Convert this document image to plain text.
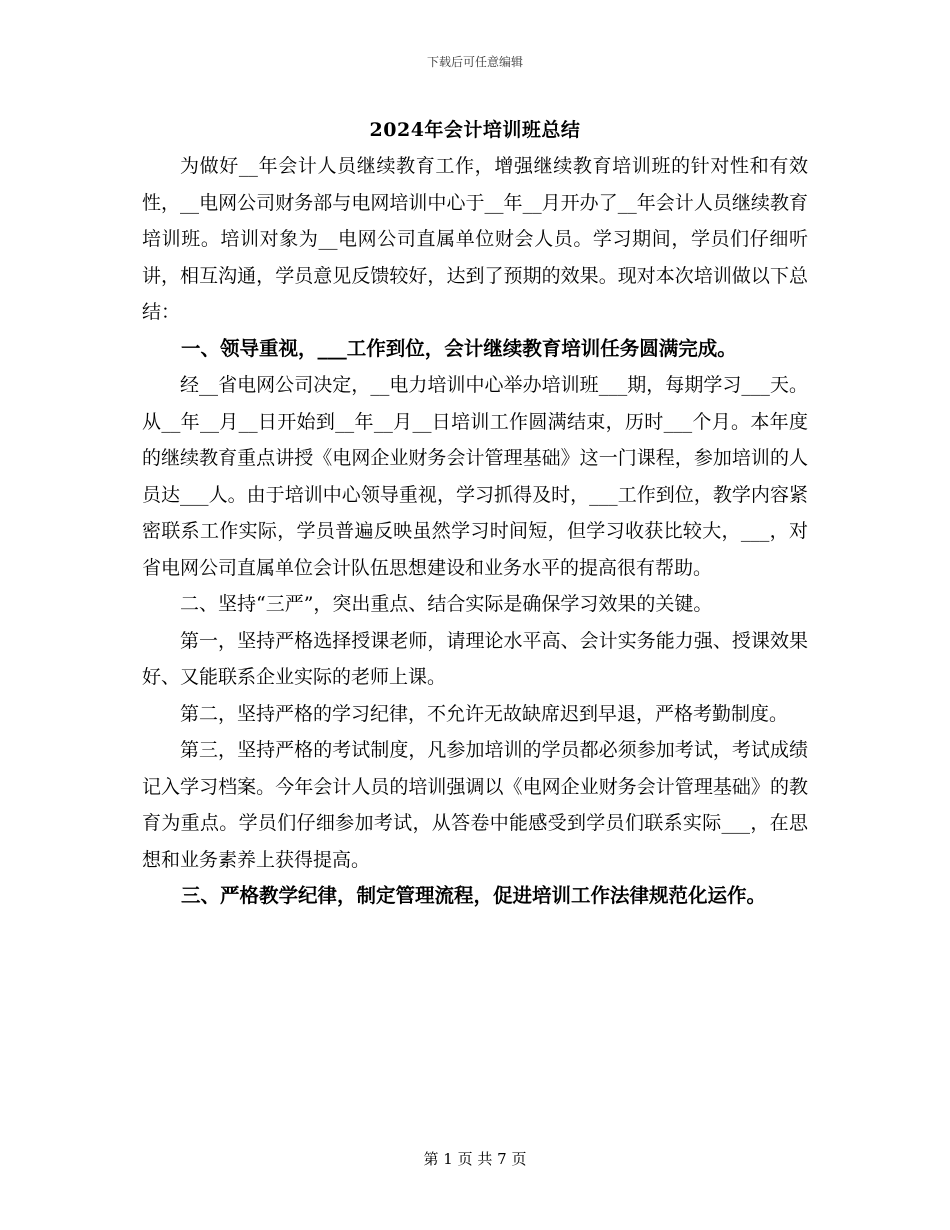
下载后可任意编辑
2024年会计培训班总结

为做好__年会计人员继续教育工作，增强继续教育培训班的针对性和有效性，__电网公司财务部与电网培训中心于__年__月开办了__年会计人员继续教育培训班。培训对象为__电网公司直属单位财会人员。学习期间，学员们仔细听讲，相互沟通，学员意见反馈较好，达到了预期的效果。现对本次培训做以下总结：

一、领导重视，___工作到位，会计继续教育培训任务圆满完成。

经__省电网公司决定，__电力培训中心举办培训班___期，每期学习___天。从__年__月__日开始到__年__月__日培训工作圆满结束，历时___个月。本年度的继续教育重点讲授《电网企业财务会计管理基础》这一门课程，参加培训的人员达___人。由于培训中心领导重视，学习抓得及时，___工作到位，教学内容紧密联系工作实际，学员普遍反映虽然学习时间短，但学习收获比较大，___，对省电网公司直属单位会计队伍思想建设和业务水平的提高很有帮助。

二、坚持“三严”，突出重点、结合实际是确保学习效果的关键。

第一，坚持严格选择授课老师，请理论水平高、会计实务能力强、授课效果好、又能联系企业实际的老师上课。

第二，坚持严格的学习纪律，不允许无故缺席迟到早退，严格考勤制度。

第三，坚持严格的考试制度，凡参加培训的学员都必须参加考试，考试成绩记入学习档案。今年会计人员的培训强调以《电网企业财务会计管理基础》的教育为重点。学员们仔细参加考试，从答卷中能感受到学员们联系实际___，在思想和业务素养上获得提高。

三、严格教学纪律，制定管理流程，促进培训工作法律规范化运作。

第 1 页 共 7 页
